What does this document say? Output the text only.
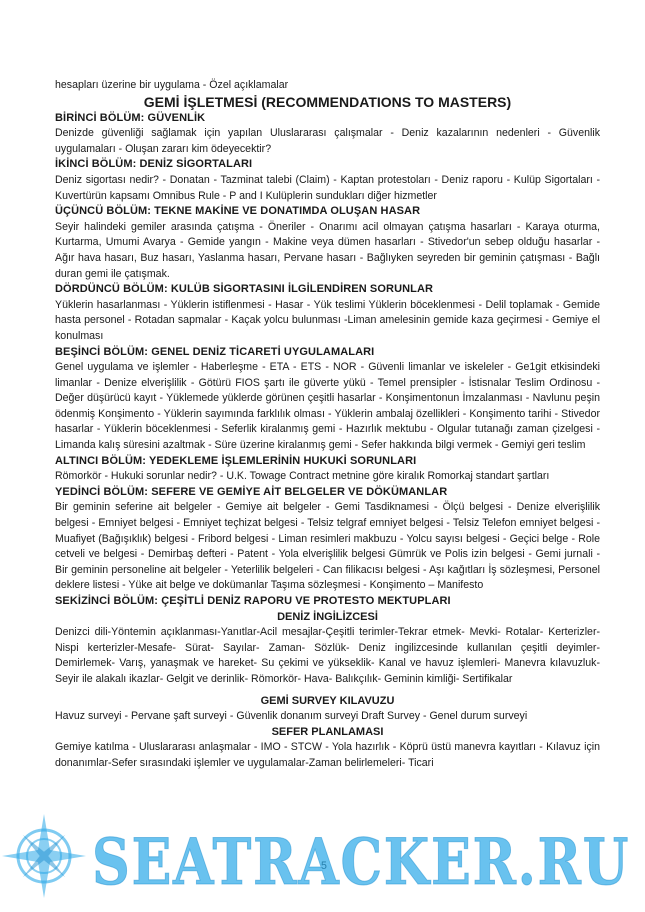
hesapları üzerine bir uygulama - Özel açıklamalar

GEMİ İŞLETMESİ (RECOMMENDATIONS TO MASTERS)

BİRİNCİ BÖLÜM: GÜVENLİK

Denizde güvenliği sağlamak için yapılan Uluslararası çalışmalar - Deniz kazalarının nedenleri - Güvenlik uygulamaları - Oluşan zararı kim ödeyecektir?

İKİNCİ BÖLÜM: DENİZ SİGORTALARI

Deniz sigortası nedir? - Donatan - Tazminat talebi (Claim) - Kaptan protestoları - Deniz raporu - Kulüp Sigortaları - Kuvertürün kapsamı Omnibus Rule - P and I Kulüplerin sundukları diğer hizmetler

ÜÇÜNCÜ BÖLÜM: TEKNE MAKİNE VE DONATIMDA OLUŞAN HASAR

Seyir halindeki gemiler arasında çatışma - Öneriler - Onarımı acil olmayan çatışma hasarları - Karaya oturma, Kurtarma, Umumi Avarya - Gemide yangın - Makine veya dümen hasarları - Stivedor'un sebep olduğu hasarlar - Ağır hava hasarı, Buz hasarı, Yaslanma hasarı, Pervane hasarı - Bağlıyken seyreden bir geminin çatışması - Bağlı duran gemi ile çatışmak.

DÖRDÜNCÜ BÖLÜM: KULÜB SİGORTASINI İLGİLENDİREN SORUNLAR

Yüklerin hasarlanması - Yüklerin istiflenmesi - Hasar - Yük teslimi Yüklerin böceklenmesi - Delil toplamak - Gemide hasta personel - Rotadan sapmalar - Kaçak yolcu bulunması -Liman amelesinin gemide kaza geçirmesi - Gemiye el konulması

BEŞİNCİ BÖLÜM: GENEL DENİZ TİCARETİ UYGULAMALARI

Genel uygulama ve işlemler - Haberleşme - ETA - ETS - NOR - Güvenli limanlar ve iskeleler - Ge1git etkisindeki limanlar - Denize elverişlilik - Götürü FIOS şartı ile güverte yükü - Temel prensipler - İstisnalar Teslim Ordinosu - Değer düşürücü kayıt - Yüklemede yüklerde görünen çeşitli hasarlar - Konşimentonun İmzalanması - Navlunu peşin ödenmiş Konşimento - Yüklerin sayımında farklılık olması - Yüklerin ambalaj özellikleri - Konşimento tarihi - Stivedor hasarlar - Yüklerin böceklenmesi - Seferlik kiralanmış gemi - Hazırlık mektubu - Olgular tutanağı zaman çizelgesi - Limanda kalış süresini azaltmak - Süre üzerine kiralanmış gemi - Sefer hakkında bilgi vermek - Gemiyi geri teslim

ALTINCI BÖLÜM: YEDEKLEME İŞLEMLERİNİN HUKUKİ SORUNLARI

Römorkör - Hukuki sorunlar nedir? - U.K. Towage Contract metnine göre kiralık Romorkaj standart şartları

YEDİNCİ BÖLÜM: SEFERE VE GEMİYE AİT BELGELER VE DÖKÜMANLAR

Bir geminin seferine ait belgeler - Gemiye ait belgeler - Gemi Tasdiknamesi - Ölçü belgesi - Denize elverişlilik belgesi - Emniyet belgesi - Emniyet teçhizat belgesi - Telsiz telgraf emniyet belgesi - Telsiz Telefon emniyet belgesi - Muafiyet (Bağışıklık) belgesi - Fribord belgesi - Liman resimleri makbuzu - Yolcu sayısı belgesi - Geçici belge - Role cetveli ve belgesi - Demirbaş defteri - Patent - Yola elverişlilik belgesi Gümrük ve Polis izin belgesi - Gemi jurnali - Bir geminin personeline ait belgeler - Yeterlilik belgeleri - Can filikacısı belgesi - Aşı kağıtları İş sözleşmesi, Personel deklere listesi - Yüke ait belge ve dokümanlar Taşıma sözleşmesi - Konşimento – Manifesto

SEKİZİNCİ BÖLÜM: ÇEŞİTLİ DENİZ RAPORU VE PROTESTO MEKTUPLARI

DENİZ İNGİLİZCESİ

Denizci dili-Yöntemin açıklanması-Yanıtlar-Acil mesajlar-Çeşitli terimler-Tekrar etmek- Mevki- Rotalar- Kerterizler-Nispi kerterizler-Mesafe- Sürat- Sayılar- Zaman- Sözlük- Deniz ingilizcesinde kullanılan çeşitli deyimler- Demirlemek- Varış, yanaşmak ve hareket- Su çekimi ve yükseklik- Kanal ve havuz işlemleri- Manevra kılavuzluk- Seyir ile alakalı ikazlar- Gelgit ve derinlik- Römorkör- Hava- Balıkçılık- Geminin kimliği- Sertifikalar

GEMİ SURVEY KILAVUZU

Havuz surveyi - Pervane şaft surveyi - Güvenlik donanım surveyi Draft Survey - Genel durum surveyi

SEFER PLANLAMASI

Gemiye katılma - Uluslararası anlaşmalar - IMO - STCW - Yola hazırlık - Köprü üstü manevra kayıtları - Kılavuz için donanımlar-Sefer sırasındaki işlemler ve uygulamalar-Zaman belirlemeleri- Ticari

5
SEATRACKER.RU
